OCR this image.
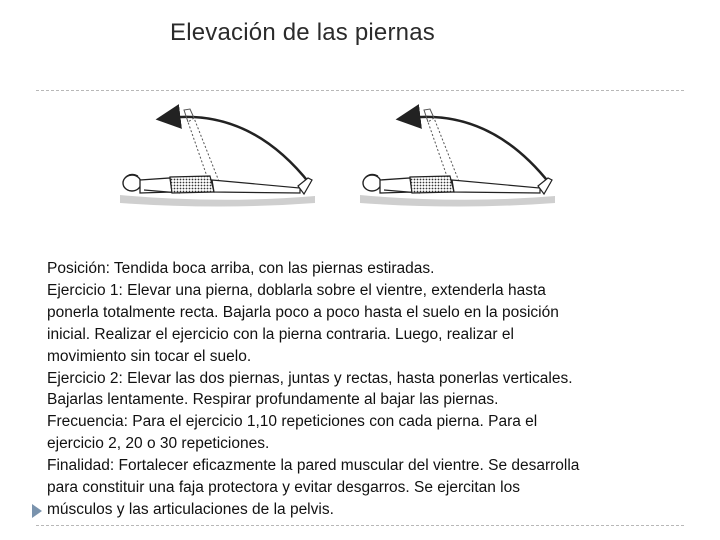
Elevación de las piernas

Posición: Tendida boca arriba, con las piernas estiradas.

Ejercicio 1: Elevar una pierna, doblarla sobre el vientre, extenderla hasta

ponerla totalmente recta. Bajarla poco a poco hasta el suelo en la posición

inicial. Realizar el ejercicio con la pierna contraria. Luego, realizar el

movimiento sin tocar el suelo.

Ejercicio 2: Elevar las dos piernas, juntas y rectas, hasta ponerlas verticales.

Bajarlas lentamente. Respirar profundamente al bajar las piernas.

Frecuencia: Para el ejercicio 1,10 repeticiones con cada pierna. Para el

ejercicio 2, 20 o 30 repeticiones.

Finalidad: Fortalecer eficazmente la pared muscular del vientre. Se desarrolla

para constituir una faja protectora y evitar desgarros. Se ejercitan los

músculos y las articulaciones de la pelvis.
